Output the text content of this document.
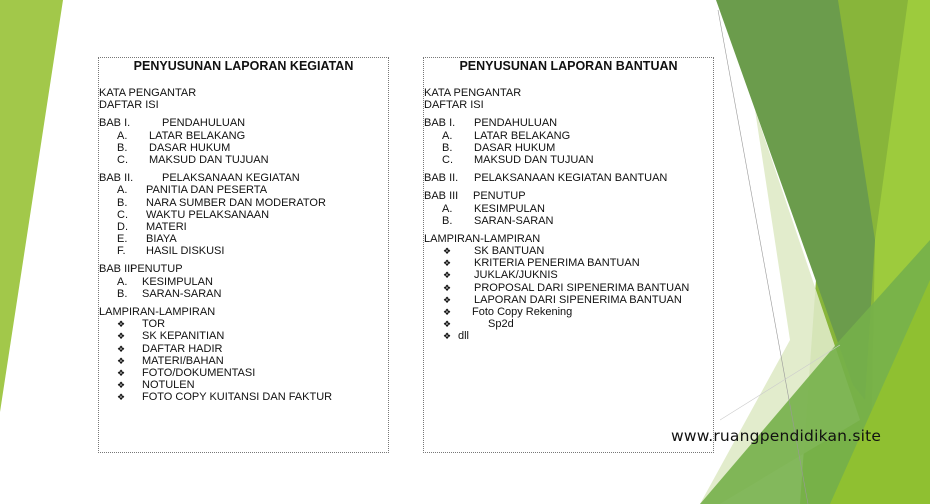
PENYUSUNAN LAPORAN KEGIATAN
KATA PENGANTAR
DAFTAR ISI
BAB I.	PENDAHULUAN
A. LATAR BELAKANG
B. DASAR HUKUM
C. MAKSUD DAN TUJUAN
BAB II.	PELAKSANAAN KEGIATAN
A. PANITIA DAN PESERTA
B. NARA SUMBER DAN MODERATOR
C. WAKTU PELAKSANAAN
D. MATERI
E. BIAYA
F. HASIL DISKUSI
BAB IIIPENUTUP
A. KESIMPULAN
B. SARAN-SARAN
LAMPIRAN-LAMPIRAN
❖ TOR
❖ SK KEPANITIAN
❖ DAFTAR HADIR
❖ MATERI/BAHAN
❖ FOTO/DOKUMENTASI
❖ NOTULEN
❖ FOTO COPY KUITANSI DAN FAKTUR
PENYUSUNAN LAPORAN BANTUAN
KATA PENGANTAR
DAFTAR ISI
BAB I. PENDAHULUAN
A. LATAR BELAKANG
B. DASAR HUKUM
C. MAKSUD DAN TUJUAN
BAB II. PELAKSANAAN KEGIATAN BANTUAN
BAB III PENUTUP
A. KESIMPULAN
B. SARAN-SARAN
LAMPIRAN-LAMPIRAN
❖ SK BANTUAN
❖ KRITERIA PENERIMA BANTUAN
❖ JUKLAK/JUKNIS
❖ PROPOSAL DARI SIPENERIMA BANTUAN
❖ LAPORAN DARI SIPENERIMA BANTUAN
❖ Foto Copy Rekening
❖	Sp2d
❖ dll
www.ruangpendidikan.site
